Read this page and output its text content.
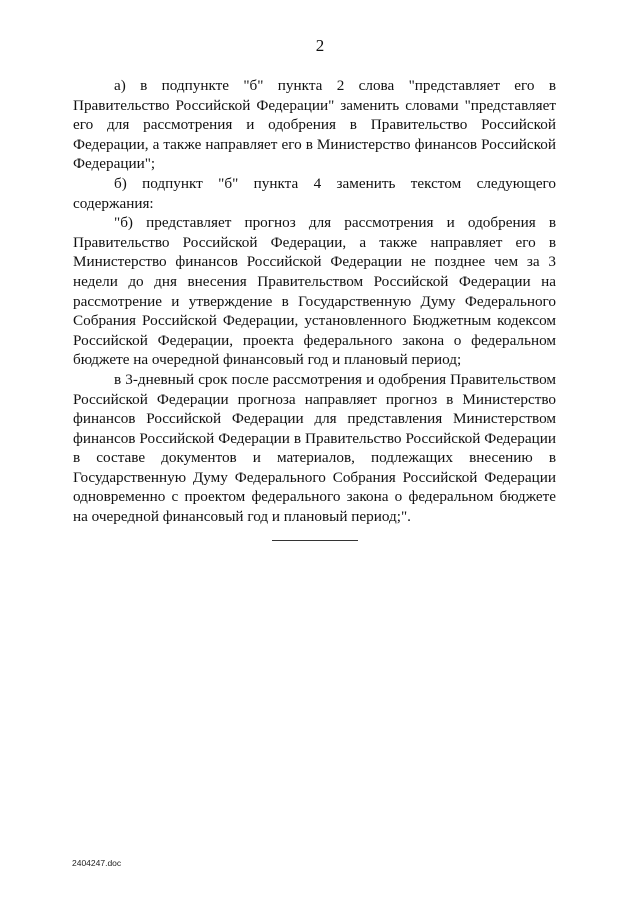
2

а) в подпункте "б" пункта 2 слова "представляет его в Правительство Российской Федерации" заменить словами "представляет его для рассмотрения и одобрения в Правительство Российской Федерации, а также направляет его в Министерство финансов Российской Федерации";

б) подпункт "б" пункта 4 заменить текстом следующего содержания:

"б) представляет прогноз для рассмотрения и одобрения в Правительство Российской Федерации, а также направляет его в Министерство финансов Российской Федерации не позднее чем за 3 недели до дня внесения Правительством Российской Федерации на рассмотрение и утверждение в Государственную Думу Федерального Собрания Российской Федерации, установленного Бюджетным кодексом Российской Федерации, проекта федерального закона о федеральном бюджете на очередной финансовый год и плановый период;

в 3-дневный срок после рассмотрения и одобрения Правительством Российской Федерации прогноза направляет прогноз в Министерство финансов Российской Федерации для представления Министерством финансов Российской Федерации в Правительство Российской Федерации в составе документов и материалов, подлежащих внесению в Государственную Думу Федерального Собрания Российской Федерации одновременно с проектом федерального закона о федеральном бюджете на очередной финансовый год и плановый период;".

2404247.doc
